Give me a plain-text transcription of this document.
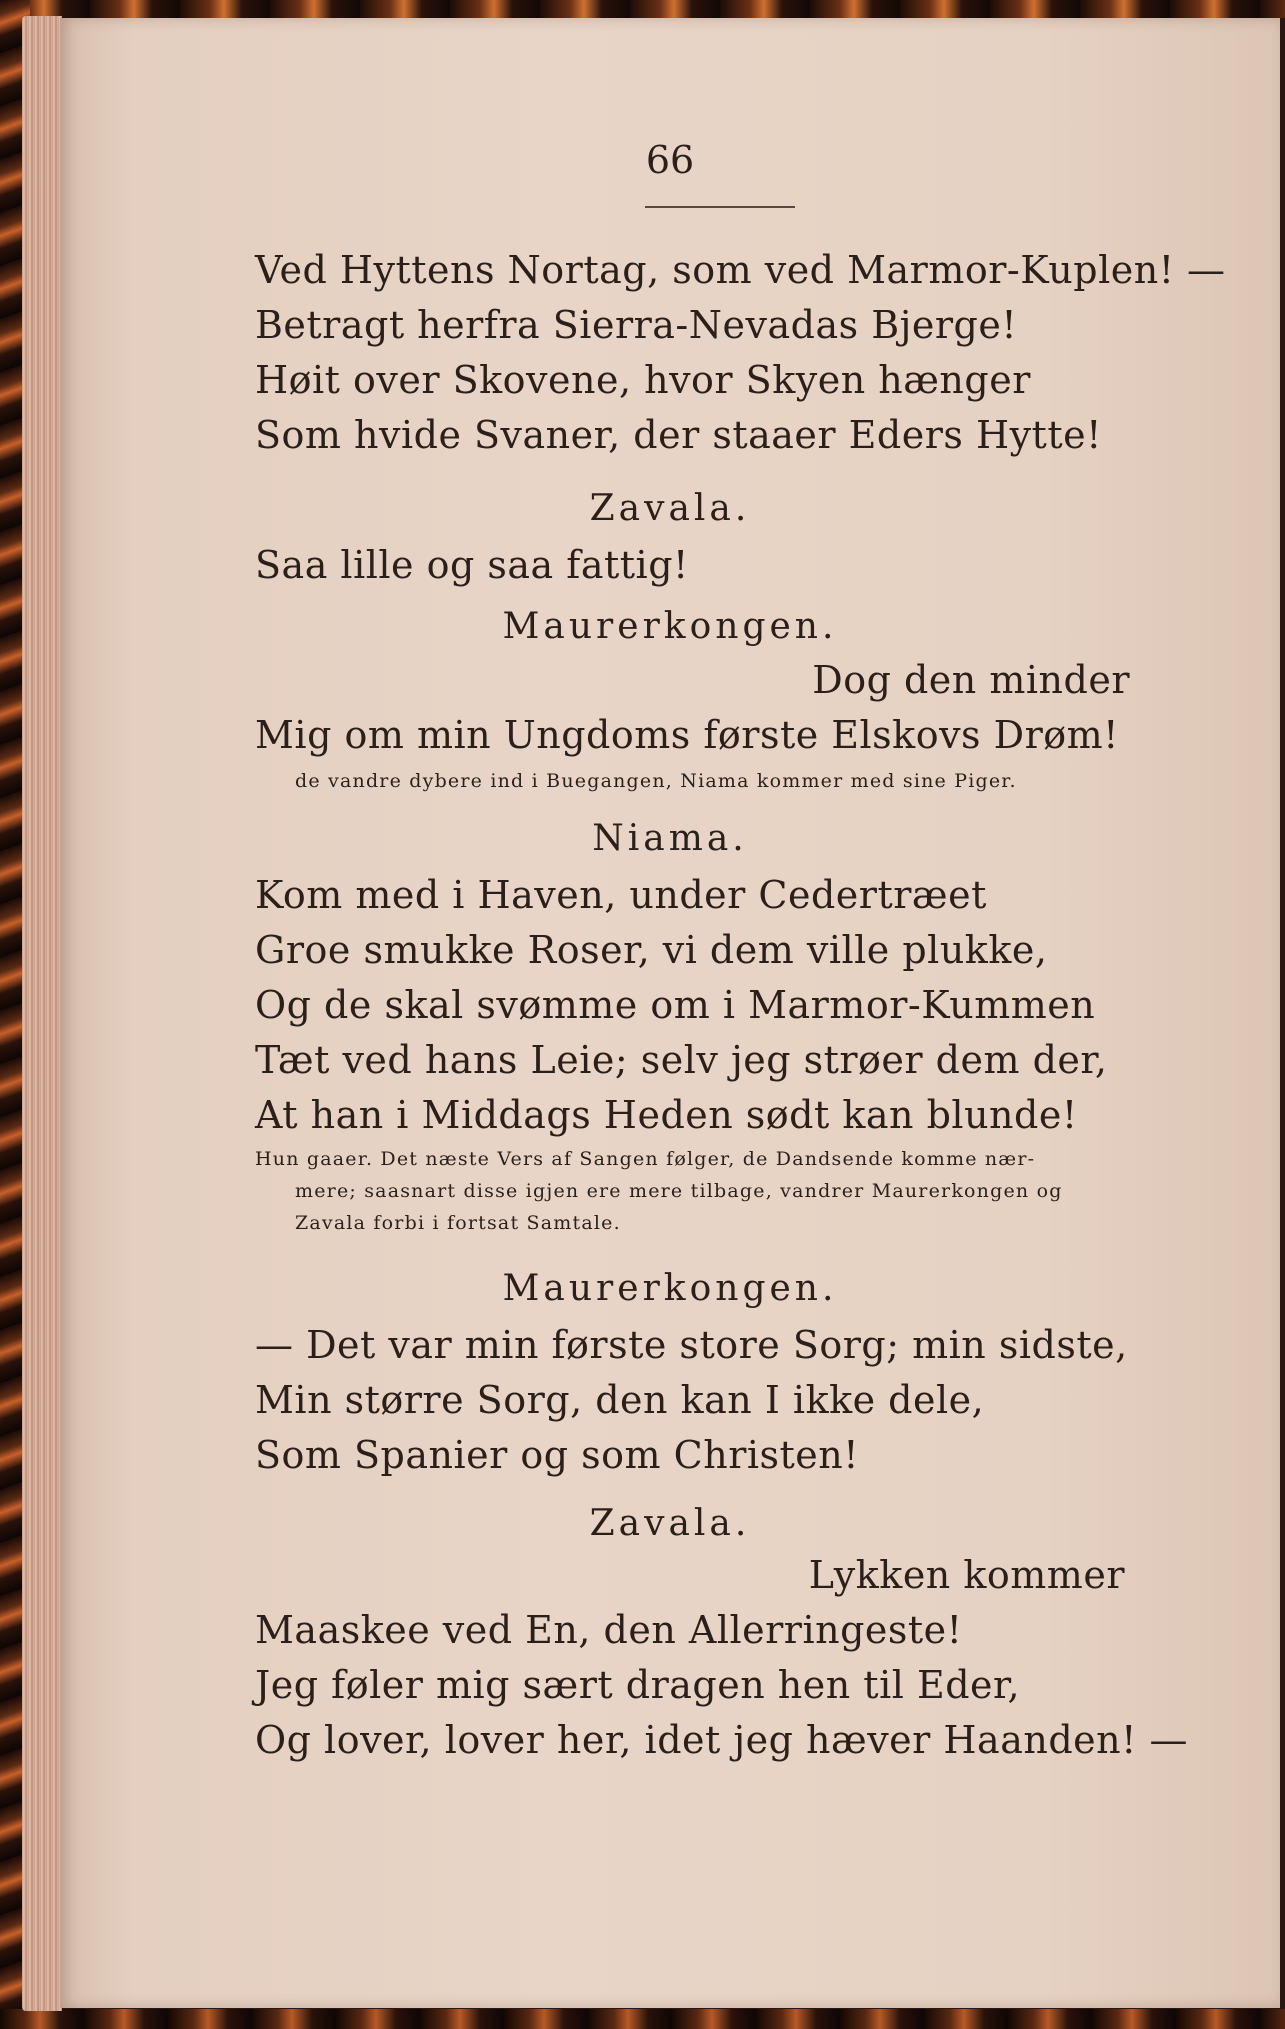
66
Ved Hyttens Nortag, som ved Marmor-Kuplen! —
Betragt herfra Sierra-Nevadas Bjerge!
Høit over Skovene, hvor Skyen hænger
Som hvide Svaner, der staaer Eders Hytte!
Zavala.
Saa lille og saa fattig!
Maurerkongen.
Dog den minder
Mig om min Ungdoms første Elskovs Drøm!
de vandre dybere ind i Buegangen, Niama kommer med sine Piger.
Niama.
Kom med i Haven, under Cedertræet
Groe smukke Roser, vi dem ville plukke,
Og de skal svømme om i Marmor-Kummen
Tæt ved hans Leie; selv jeg strøer dem der,
At han i Middags Heden sødt kan blunde!
Hun gaaer. Det næste Vers af Sangen følger, de Dandsende komme nær-
mere; saasnart disse igjen ere mere tilbage, vandrer Maurerkongen og
Zavala forbi i fortsat Samtale.
Maurerkongen.
— Det var min første store Sorg; min sidste,
Min større Sorg, den kan I ikke dele,
Som Spanier og som Christen!
Zavala.
Lykken kommer
Maaskee ved En, den Allerringeste!
Jeg føler mig sært dragen hen til Eder,
Og lover, lover her, idet jeg hæver Haanden! —
